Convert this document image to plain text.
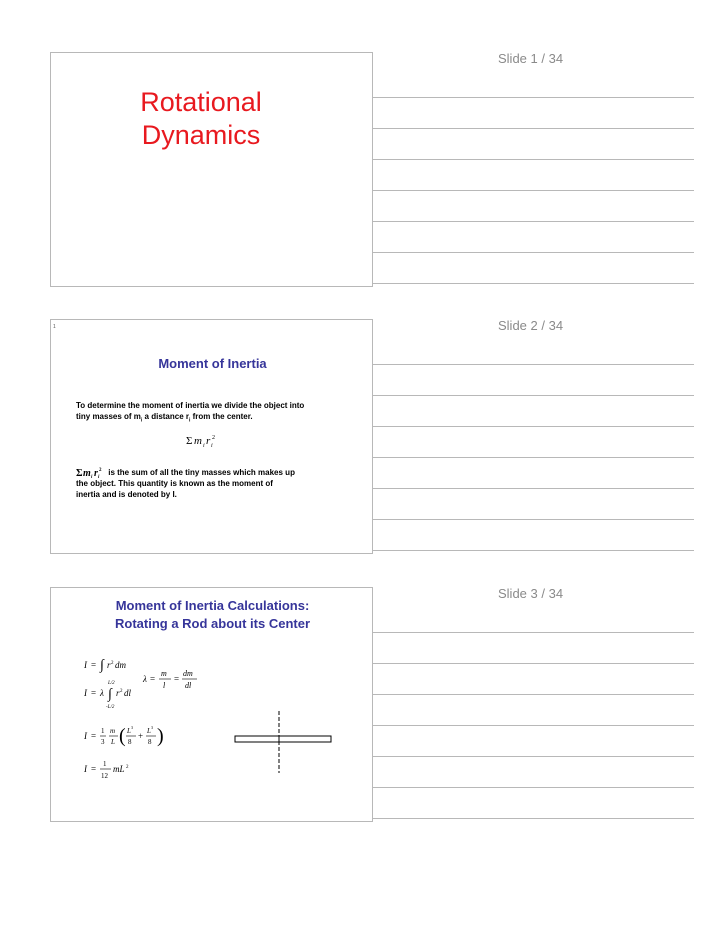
Slide 1 / 34
Rotational
Dynamics
Slide 2 / 34
1
Moment of Inertia
To determine the moment of inertia we divide the object into
tiny masses of $m_i$ a distance $r_i$ from the center.
Σ m i r i
2
Σ m i r i
2 is the sum of all the tiny masses which makes up
the object. This quantity is known as the moment of
inertia and is denoted by I.
Slide 3 / 34
Moment of Inertia Calculations:
Rotating a Rod about its Center
I = ∫ r 2 dm
λ =
m
l
=
dm
dl
L/2
I = λ ∫ r 2 dl
-L/2
I = 1
3
m
L ( L 3
8
+ L 3
8 )
I = 1
12
mL 2
